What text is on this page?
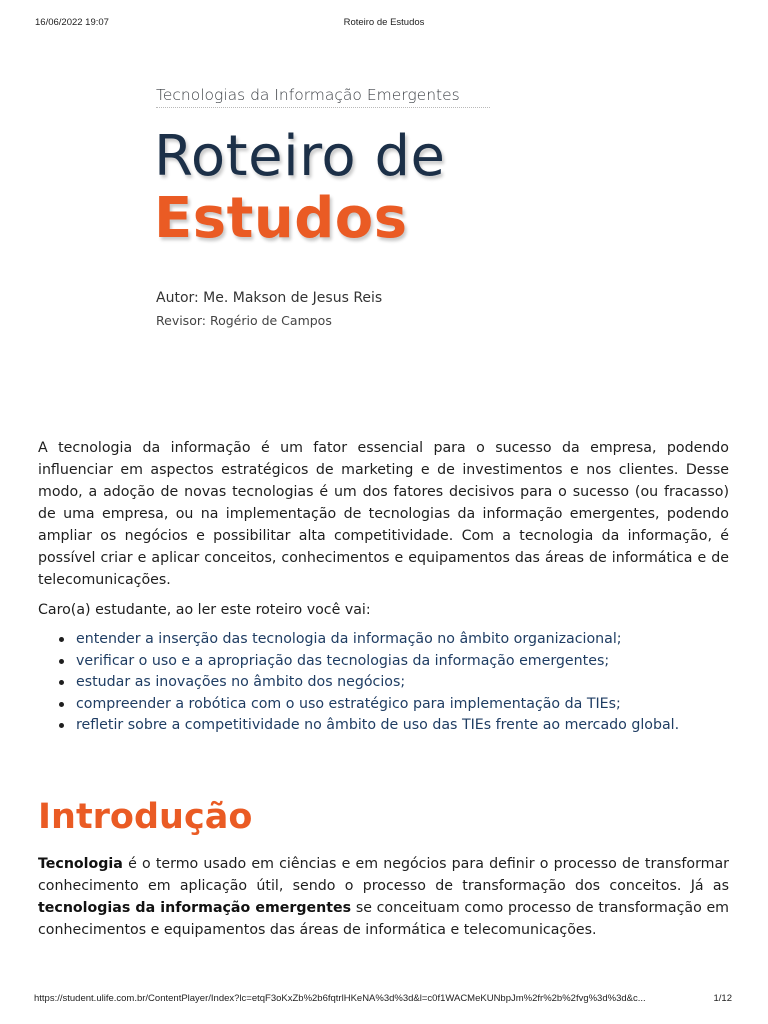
16/06/2022 19:07	Roteiro de Estudos
Tecnologias da Informação Emergentes
Roteiro de
Estudos
Autor: Me. Makson de Jesus Reis
Revisor: Rogério de Campos

A tecnologia da informação é um fator essencial para o sucesso da empresa, podendo influenciar em aspectos estratégicos de marketing e de investimentos e nos clientes. Desse modo, a adoção de novas tecnologias é um dos fatores decisivos para o sucesso (ou fracasso) de uma empresa, ou na implementação de tecnologias da informação emergentes, podendo ampliar os negócios e possibilitar alta competitividade. Com a tecnologia da informação, é possível criar e aplicar conceitos, conhecimentos e equipamentos das áreas de informática e de telecomunicações.

Caro(a) estudante, ao ler este roteiro você vai:

entender a inserção das tecnologia da informação no âmbito organizacional;
verificar o uso e a apropriação das tecnologias da informação emergentes;
estudar as inovações no âmbito dos negócios;
compreender a robótica com o uso estratégico para implementação da TIEs;
refletir sobre a competitividade no âmbito de uso das TIEs frente ao mercado global.
Introdução

Tecnologia é o termo usado em ciências e em negócios para definir o processo de transformar conhecimento em aplicação útil, sendo o processo de transformação dos conceitos. Já as tecnologias da informação emergentes se conceituam como processo de transformação em conhecimentos e equipamentos das áreas de informática e telecomunicações.

https://student.ulife.com.br/ContentPlayer/Index?lc=etqF3oKxZb%2b6fqtrlHKeNA%3d%3d&l=c0f1WACMeKUNbpJm%2fr%2b%2fvg%3d%3d&c...	1/12
